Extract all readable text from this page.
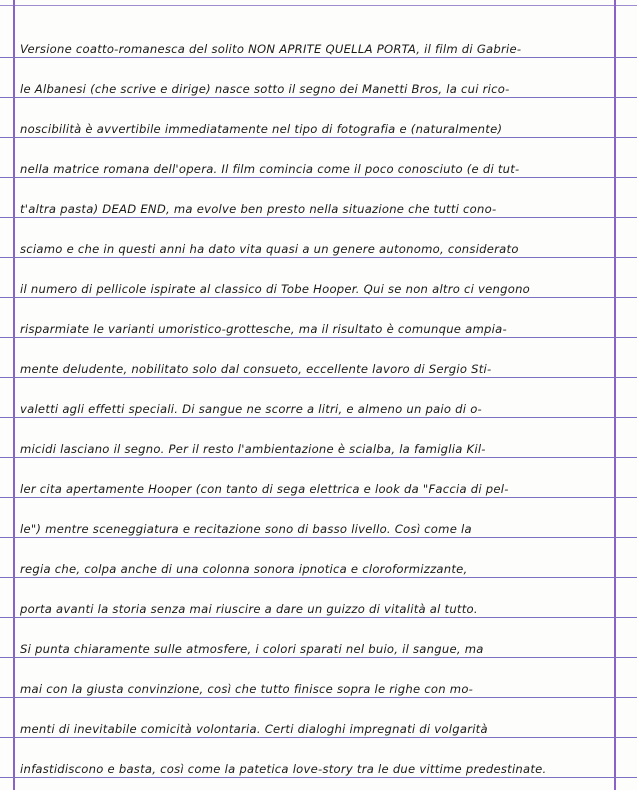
Versione coatto-romanesca del solito NON APRITE QUELLA PORTA, il film di Gabrie-
le Albanesi (che scrive e dirige) nasce sotto il segno dei Manetti Bros, la cui rico-
noscibilità è avvertibile immediatamente nel tipo di fotografia e (naturalmente)
nella matrice romana dell'opera. Il film comincia come il poco conosciuto (e di tut-
t'altra pasta) DEAD END, ma evolve ben presto nella situazione che tutti cono-
sciamo e che in questi anni ha dato vita quasi a un genere autonomo, considerato
il numero di pellicole ispirate al classico di Tobe Hooper. Qui se non altro ci vengono
risparmiate le varianti umoristico-grottesche, ma il risultato è comunque ampia-
mente deludente, nobilitato solo dal consueto, eccellente lavoro di Sergio Sti-
valetti agli effetti speciali. Di sangue ne scorre a litri, e almeno un paio di o-
micidi lasciano il segno. Per il resto l'ambientazione è scialba, la famiglia Kil-
ler cita apertamente Hooper (con tanto di sega elettrica e look da "Faccia di pel-
le") mentre sceneggiatura e recitazione sono di basso livello. Così come la
regia che, colpa anche di una colonna sonora ipnotica e cloroformizzante,
porta avanti la storia senza mai riuscire a dare un guizzo di vitalità al tutto.
Si punta chiaramente sulle atmosfere, i colori sparati nel buio, il sangue, ma
mai con la giusta convinzione, così che tutto finisce sopra le righe con mo-
menti di inevitabile comicità volontaria. Certi dialoghi impregnati di volgarità
infastidiscono e basta, così come la patetica love-story tra le due vittime predestinate.
